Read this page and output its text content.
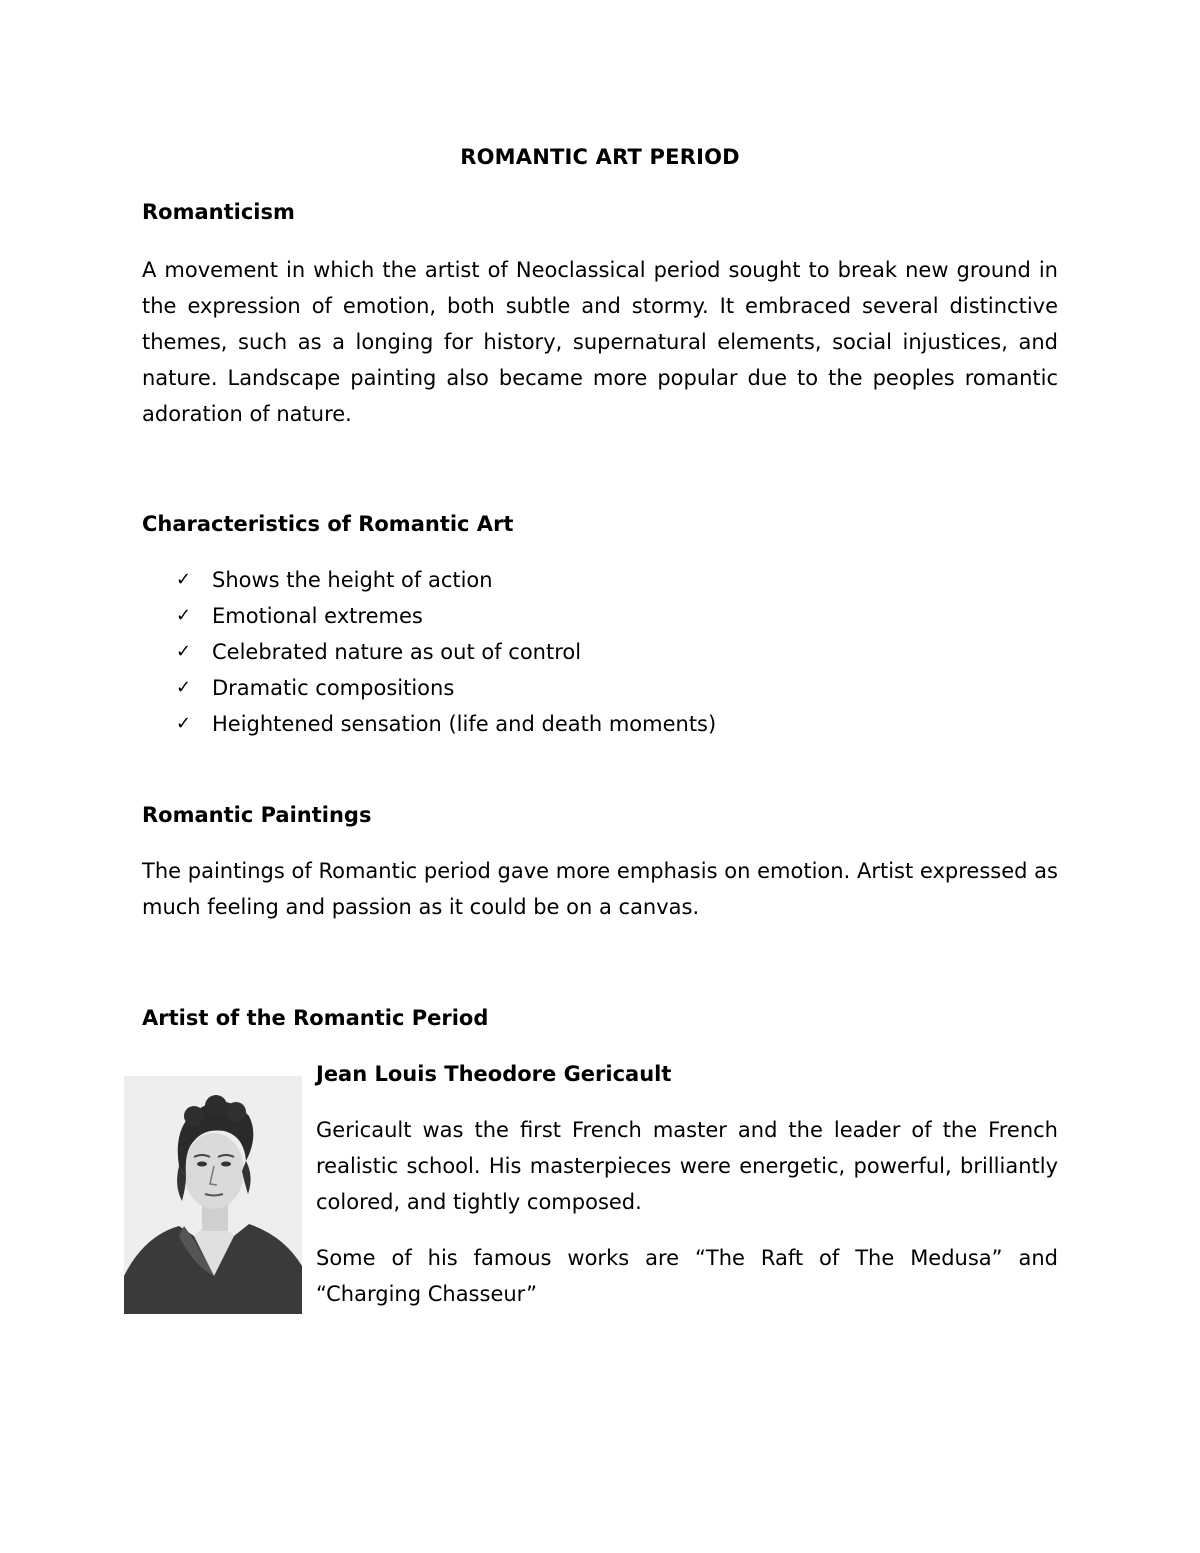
ROMANTIC ART PERIOD
Romanticism

A movement in which the artist of Neoclassical period sought to break new ground in the expression of emotion, both subtle and stormy. It embraced several distinctive themes, such as a longing for history, supernatural elements, social injustices, and nature. Landscape painting also became more popular due to the peoples romantic adoration of nature.

Characteristics of Romantic Art
✓ Shows the height of action
✓ Emotional extremes
✓ Celebrated nature as out of control
✓ Dramatic compositions
✓ Heightened sensation (life and death moments)
Romantic Paintings

The paintings of Romantic period gave more emphasis on emotion. Artist expressed as much feeling and passion as it could be on a canvas.

Artist of the Romantic Period
Jean Louis Theodore Gericault

Gericault was the first French master and the leader of the French realistic school. His masterpieces were energetic, powerful, brilliantly colored, and tightly composed.

Some of his famous works are “The Raft of The Medusa” and “Charging Chasseur”
